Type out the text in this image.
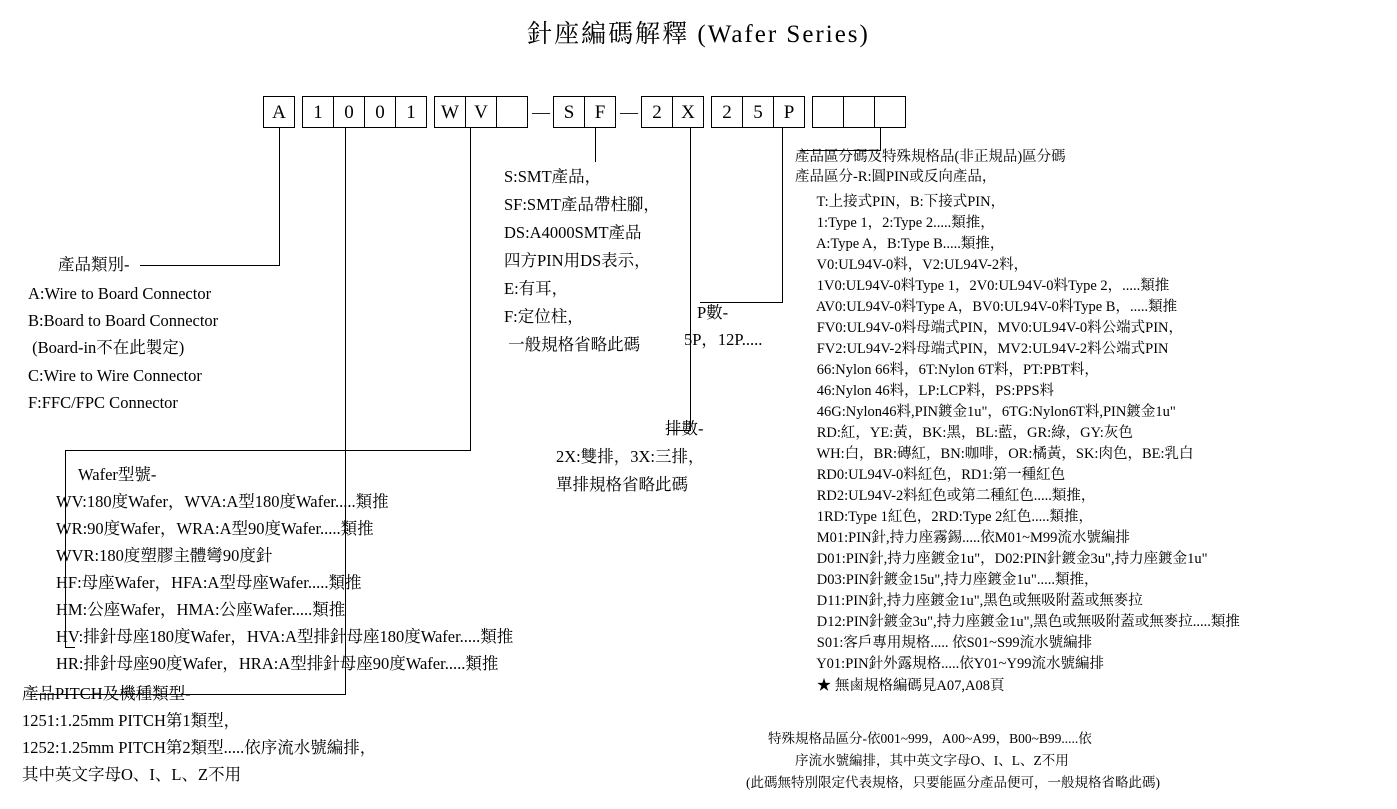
針座編碼解釋 (Wafer Series)
A	1	0	0	1	W V	— S	F — 2	X	2	5	P
產品類別-
A:Wire to Board Connector
B:Board to Board Connector
(Board-in不在此製定)
C:Wire to Wire Connector
F:FFC/FPC Connector
Wafer型號-
WV:180度Wafer，WVA:A型180度Wafer.....類推
WR:90度Wafer，WRA:A型90度Wafer.....類推
WVR:180度塑膠主體彎90度針
HF:母座Wafer，HFA:A型母座Wafer.....類推
HM:公座Wafer，HMA:公座Wafer.....類推
HV:排針母座180度Wafer，HVA:A型排針母座180度Wafer.....類推
HR:排針母座90度Wafer，HRA:A型排針母座90度Wafer.....類推
產品PITCH及機種類型-
1251:1.25mm PITCH第1類型，
1252:1.25mm PITCH第2類型.....依序流水號編排，
其中英文字母O、I、L、Z不用
S:SMT產品，
SF:SMT產品帶柱腳，
DS:A4000SMT產品
四方PIN用DS表示，
E:有耳，
F:定位柱，
一般規格省略此碼
P數-
5P，12P.....
排數-
2X:雙排，3X:三排，
單排規格省略此碼
產品區分碼及特殊規格品(非正規品)區分碼
產品區分-R:圓PIN或反向產品，
T:上接式PIN，B:下接式PIN，
1:Type 1，2:Type 2.....類推，
A:Type A，B:Type B.....類推，
V0:UL94V-0料，V2:UL94V-2料，
1V0:UL94V-0料Type 1，2V0:UL94V-0料Type 2，.....類推
AV0:UL94V-0料Type A，BV0:UL94V-0料Type B，.....類推
FV0:UL94V-0料母端式PIN，MV0:UL94V-0料公端式PIN，
FV2:UL94V-2料母端式PIN，MV2:UL94V-2料公端式PIN
66:Nylon 66料，6T:Nylon 6T料，PT:PBT料，
46:Nylon 46料，LP:LCP料，PS:PPS料
46G:Nylon46料,PIN鍍金1u"，6TG:Nylon6T料,PIN鍍金1u"
RD:紅，YE:黃，BK:黑，BL:藍，GR:綠，GY:灰色
WH:白，BR:磚紅，BN:咖啡，OR:橘黃，SK:肉色，BE:乳白
RD0:UL94V-0料紅色，RD1:第一種紅色
RD2:UL94V-2料紅色或第二種紅色.....類推，
1RD:Type 1紅色，2RD:Type 2紅色.....類推，
M01:PIN針,持力座霧錫.....依M01~M99流水號編排
D01:PIN針,持力座鍍金1u"，D02:PIN針鍍金3u",持力座鍍金1u"
D03:PIN針鍍金15u",持力座鍍金1u".....類推，
D11:PIN針,持力座鍍金1u",黑色或無吸附蓋或無麥拉
D12:PIN針鍍金3u",持力座鍍金1u",黑色或無吸附蓋或無麥拉.....類推
S01:客戶專用規格..... 依S01~S99流水號編排
Y01:PIN針外露規格.....依Y01~Y99流水號編排
★ 無鹵規格編碼見A07,A08頁
特殊規格品區分-依001~999，A00~A99，B00~B99.....依
序流水號編排，其中英文字母O、I、L、Z不用
(此碼無特別限定代表規格，只要能區分產品便可，一般規格省略此碼)
